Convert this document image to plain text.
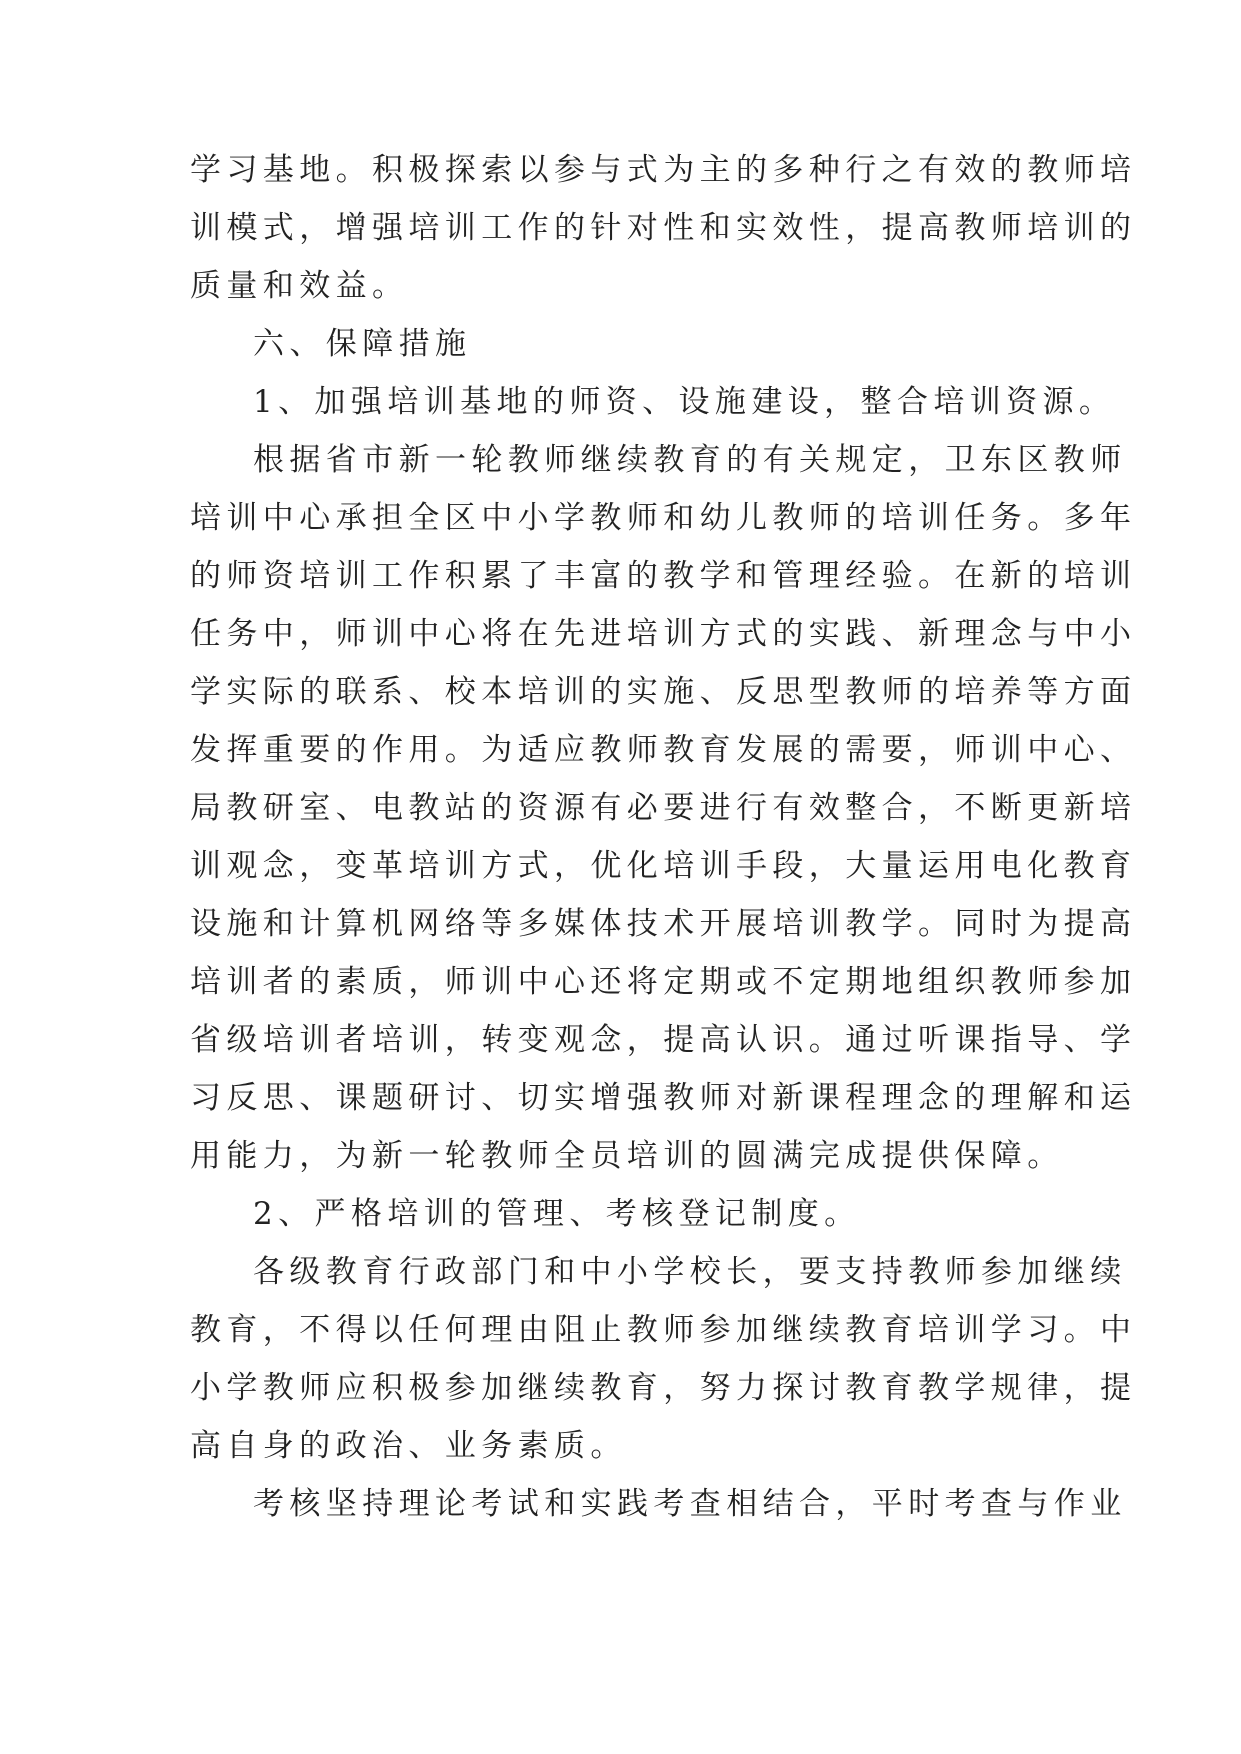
学习基地。积极探索以参与式为主的多种行之有效的教师培
训模式，增强培训工作的针对性和实效性，提高教师培训的
质量和效益。
六、保障措施
1、加强培训基地的师资、设施建设，整合培训资源。
根据省市新一轮教师继续教育的有关规定，卫东区教师
培训中心承担全区中小学教师和幼儿教师的培训任务。多年
的师资培训工作积累了丰富的教学和管理经验。在新的培训
任务中，师训中心将在先进培训方式的实践、新理念与中小
学实际的联系、校本培训的实施、反思型教师的培养等方面
发挥重要的作用。为适应教师教育发展的需要，师训中心、
局教研室、电教站的资源有必要进行有效整合，不断更新培
训观念，变革培训方式，优化培训手段，大量运用电化教育
设施和计算机网络等多媒体技术开展培训教学。同时为提高
培训者的素质，师训中心还将定期或不定期地组织教师参加
省级培训者培训，转变观念，提高认识。通过听课指导、学
习反思、课题研讨、切实增强教师对新课程理念的理解和运
用能力，为新一轮教师全员培训的圆满完成提供保障。
2、严格培训的管理、考核登记制度。
各级教育行政部门和中小学校长，要支持教师参加继续
教育，不得以任何理由阻止教师参加继续教育培训学习。中
小学教师应积极参加继续教育，努力探讨教育教学规律，提
高自身的政治、业务素质。
考核坚持理论考试和实践考查相结合，平时考查与作业
